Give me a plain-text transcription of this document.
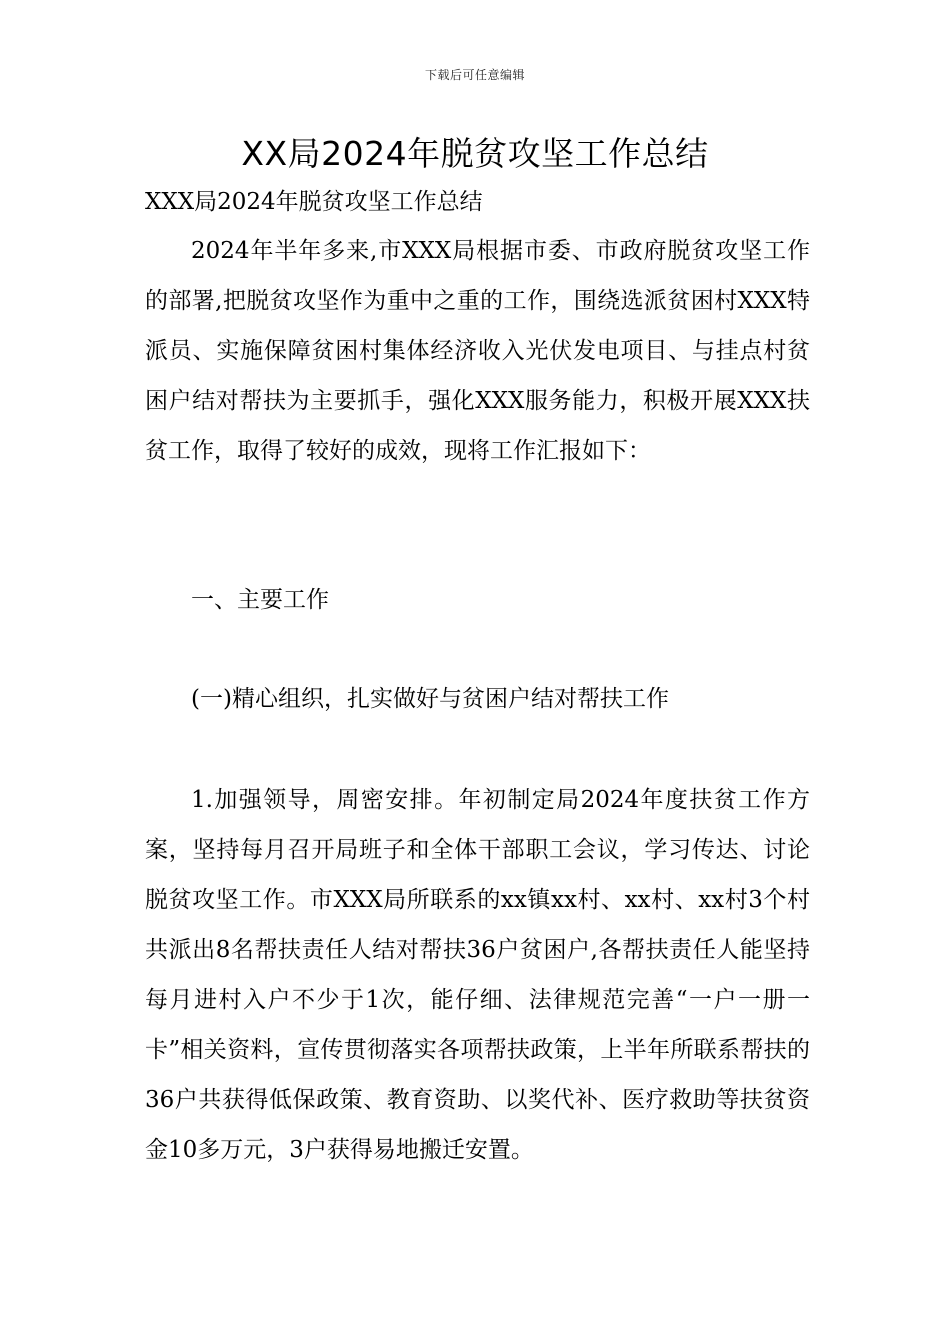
下载后可任意编辑
XX局2024年脱贫攻坚工作总结

XXX局2024年脱贫攻坚工作总结

2024年半年多来,市XXX局根据市委、市政府脱贫攻坚工作的部署,把脱贫攻坚作为重中之重的工作，围绕选派贫困村XXX特派员、实施保障贫困村集体经济收入光伏发电项目、与挂点村贫困户结对帮扶为主要抓手，强化XXX服务能力，积极开展XXX扶贫工作，取得了较好的成效，现将工作汇报如下：

一、主要工作

(一)精心组织，扎实做好与贫困户结对帮扶工作

1.加强领导，周密安排。年初制定局2024年度扶贫工作方案，坚持每月召开局班子和全体干部职工会议，学习传达、讨论脱贫攻坚工作。市XXX局所联系的xx镇xx村、xx村、xx村3个村共派出8名帮扶责任人结对帮扶36户贫困户,各帮扶责任人能坚持每月进村入户不少于1次，能仔细、法律规范完善“一户一册一卡”相关资料，宣传贯彻落实各项帮扶政策，上半年所联系帮扶的36户共获得低保政策、教育资助、以奖代补、医疗救助等扶贫资金10多万元，3户获得易地搬迁安置。
